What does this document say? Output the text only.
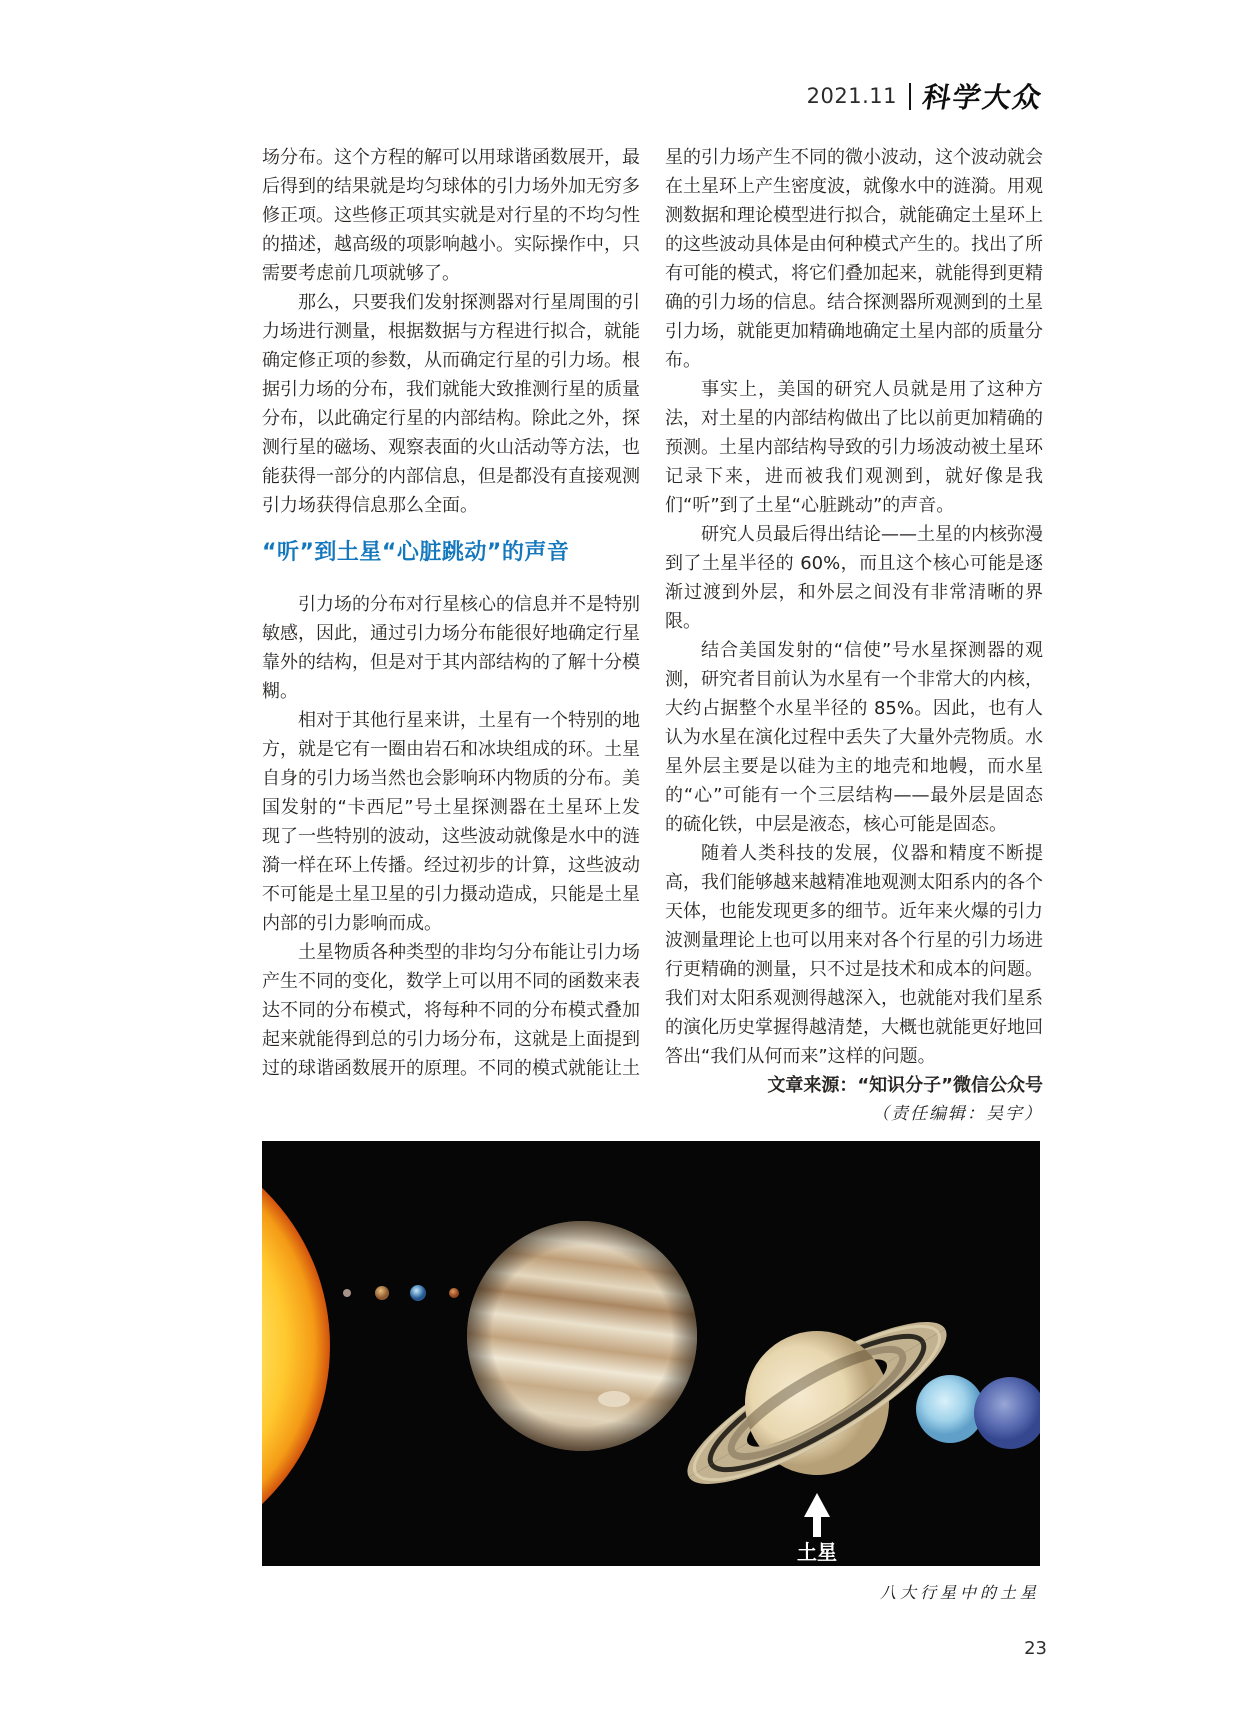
2021.11 科学大众

场分布。这个方程的解可以用球谐函数展开，最后得到的结果就是均匀球体的引力场外加无穷多修正项。这些修正项其实就是对行星的不均匀性的描述，越高级的项影响越小。实际操作中，只需要考虑前几项就够了。

那么，只要我们发射探测器对行星周围的引力场进行测量，根据数据与方程进行拟合，就能确定修正项的参数，从而确定行星的引力场。根据引力场的分布，我们就能大致推测行星的质量分布，以此确定行星的内部结构。除此之外，探测行星的磁场、观察表面的火山活动等方法，也能获得一部分的内部信息，但是都没有直接观测引力场获得信息那么全面。

“听”到土星“心脏跳动”的声音

引力场的分布对行星核心的信息并不是特别敏感，因此，通过引力场分布能很好地确定行星靠外的结构，但是对于其内部结构的了解十分模糊。

相对于其他行星来讲，土星有一个特别的地方，就是它有一圈由岩石和冰块组成的环。土星自身的引力场当然也会影响环内物质的分布。美国发射的“卡西尼”号土星探测器在土星环上发现了一些特别的波动，这些波动就像是水中的涟漪一样在环上传播。经过初步的计算，这些波动不可能是土星卫星的引力摄动造成，只能是土星内部的引力影响而成。

土星物质各种类型的非均匀分布能让引力场产生不同的变化，数学上可以用不同的函数来表达不同的分布模式，将每种不同的分布模式叠加起来就能得到总的引力场分布，这就是上面提到过的球谐函数展开的原理。不同的模式就能让土

星的引力场产生不同的微小波动，这个波动就会在土星环上产生密度波，就像水中的涟漪。用观测数据和理论模型进行拟合，就能确定土星环上的这些波动具体是由何种模式产生的。找出了所有可能的模式，将它们叠加起来，就能得到更精确的引力场的信息。结合探测器所观测到的土星引力场，就能更加精确地确定土星内部的质量分布。

事实上，美国的研究人员就是用了这种方法，对土星的内部结构做出了比以前更加精确的预测。土星内部结构导致的引力场波动被土星环记录下来，进而被我们观测到，就好像是我们“听”到了土星“心脏跳动”的声音。

研究人员最后得出结论——土星的内核弥漫到了土星半径的 60%，而且这个核心可能是逐渐过渡到外层，和外层之间没有非常清晰的界限。

结合美国发射的“信使”号水星探测器的观测，研究者目前认为水星有一个非常大的内核，大约占据整个水星半径的 85%。因此，也有人认为水星在演化过程中丢失了大量外壳物质。水星外层主要是以硅为主的地壳和地幔，而水星的“心”可能有一个三层结构——最外层是固态的硫化铁，中层是液态，核心可能是固态。

随着人类科技的发展，仪器和精度不断提高，我们能够越来越精准地观测太阳系内的各个天体，也能发现更多的细节。近年来火爆的引力波测量理论上也可以用来对各个行星的引力场进行更精确的测量，只不过是技术和成本的问题。我们对太阳系观测得越深入，也就能对我们星系的演化历史掌握得越清楚，大概也就能更好地回答出“我们从何而来”这样的问题。

文章来源：“知识分子”微信公众号

（责任编辑：吴宇）

土星
八大行星中的土星
23
